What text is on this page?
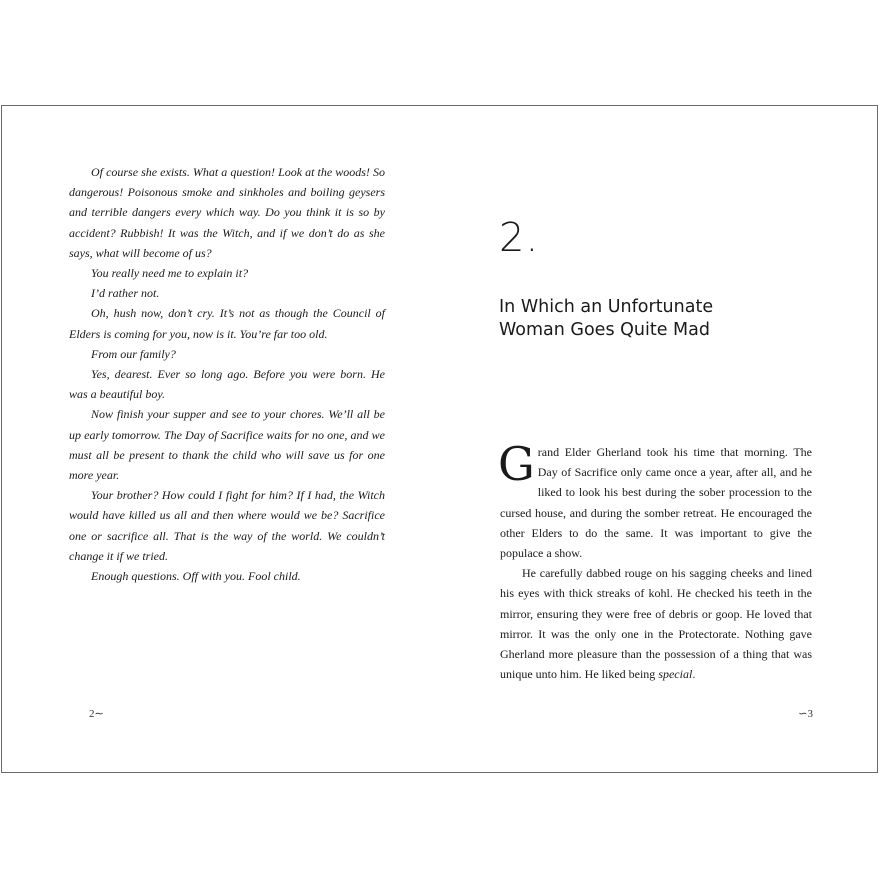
Of course she exists. What a question! Look at the woods! So dangerous! Poisonous smoke and sinkholes and boiling geysers and terrible dangers every which way. Do you think it is so by accident? Rubbish! It was the Witch, and if we don’t do as she says, what will become of us?

You really need me to explain it?

I’d rather not.

Oh, hush now, don’t cry. It’s not as though the Council of Elders is coming for you, now is it. You’re far too old.

From our family?

Yes, dearest. Ever so long ago. Before you were born. He was a beautiful boy.

Now finish your supper and see to your chores. We’ll all be up early tomorrow. The Day of Sacrifice waits for no one, and we must all be present to thank the child who will save us for one more year.

Your brother? How could I fight for him? If I had, the Witch would have killed us all and then where would we be? Sacrifice one or sacrifice all. That is the way of the world. We couldn’t change it if we tried.

Enough questions. Off with you. Fool child.

2∼
2.
In Which an Unfortunate
Woman Goes Quite Mad

Grand Elder Gherland took his time that morning. The Day of Sacrifice only came once a year, after all, and he liked to look his best during the sober procession to the cursed house, and during the somber retreat. He encouraged the other Elders to do the same. It was important to give the populace a show.

He carefully dabbed rouge on his sagging cheeks and lined his eyes with thick streaks of kohl. He checked his teeth in the mirror, ensuring they were free of debris or goop. He loved that mirror. It was the only one in the Protectorate. Nothing gave Gherland more pleasure than the possession of a thing that was unique unto him. He liked being special.

∽3
